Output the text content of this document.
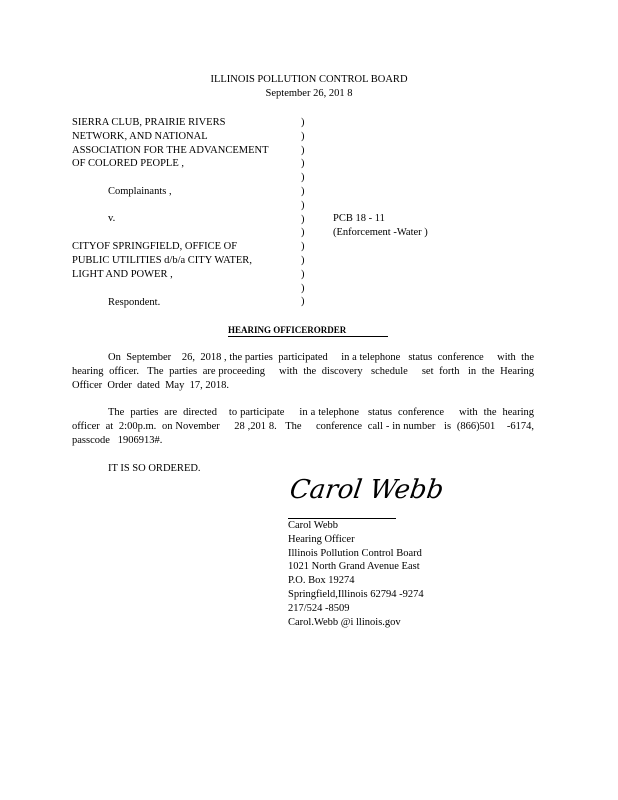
ILLINOIS POLLUTION CONTROL BOARD
September 26, 201 8
SIERRA CLUB, PRAIRIE RIVERS
NETWORK, AND NATIONAL
ASSOCIATION FOR THE ADVANCEMENT
OF COLORED PEOPLE ,
Complainants ,
v.
CITYOF SPRINGFIELD, OFFICE OF
PUBLIC UTILITIES d/b/a CITY WATER,
LIGHT AND POWER ,
Respondent.
)
)
)
)
)
)
)
)
)
)
)
)
)
)
PCB 18 - 11
(Enforcement -Water )
HEARING OFFICERORDER
On  September    26,  2018 , the parties  participated     in a telephone   status  conference     with  the  hearing  officer.   The  parties  are proceeding     with  the  discovery   schedule     set  forth   in  the  Hearing  Officer  Order  dated  May  17, 2018.
The  parties  are  directed    to participate     in a telephone   status  conference     with  the  hearing  officer  at  2:00p.m.  on November     28 ,201 8.   The     conference  call - in number   is  (866)501    -6174,  passcode   1906913#.
IT IS SO ORDERED.
Carol Webb
Carol Webb
Hearing Officer
Illinois Pollution Control Board
1021 North Grand Avenue East
P.O. Box 19274
Springfield,Illinois 62794 -9274
217/524 -8509
Carol.Webb @i llinois.gov
